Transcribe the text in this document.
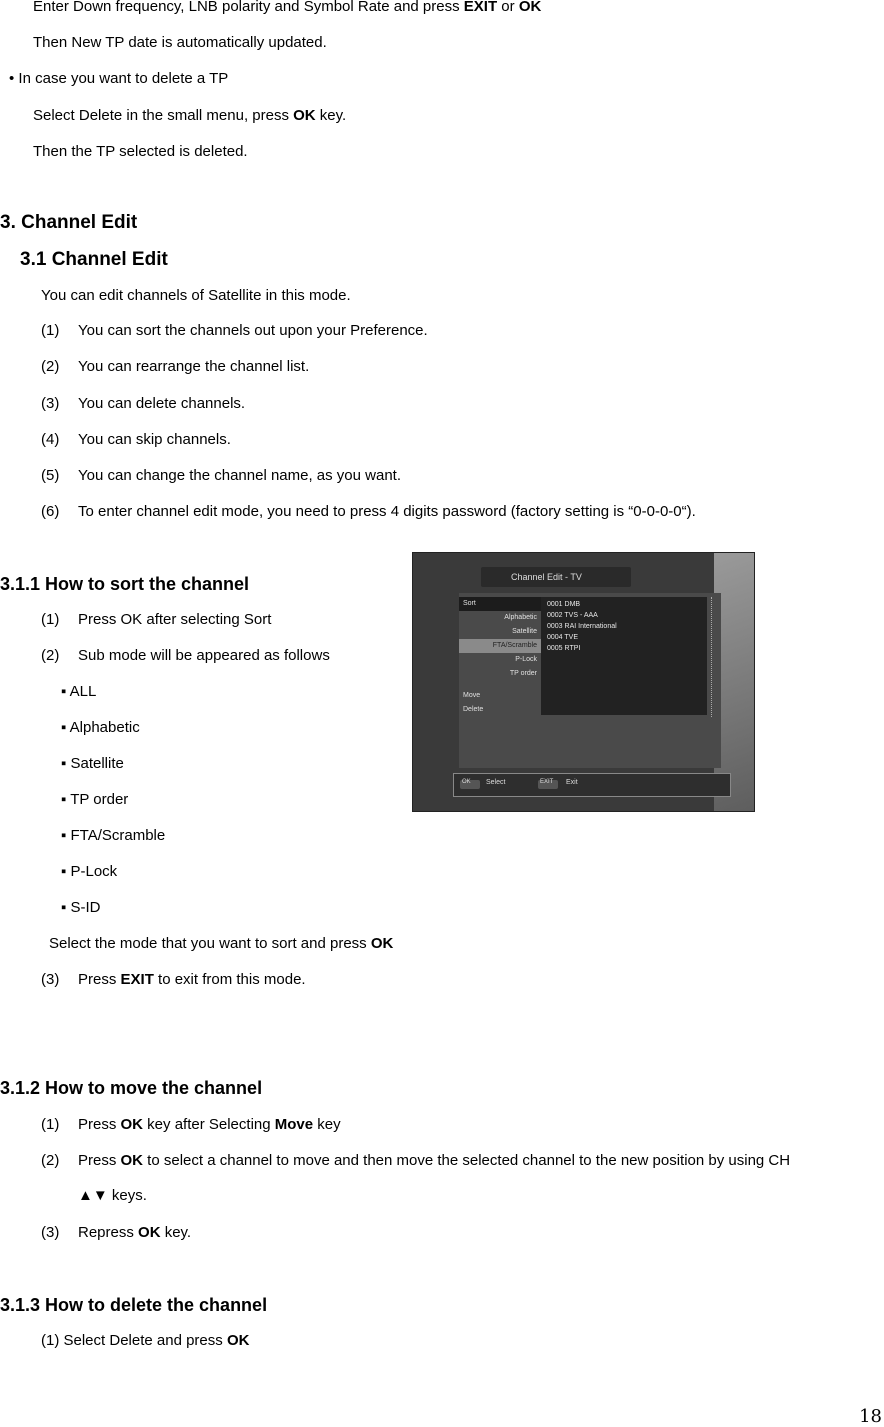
Enter Down frequency, LNB polarity and Symbol Rate and press EXIT or OK
Then New TP date is automatically updated.
• In case you want to delete a TP
Select Delete in the small menu, press OK key.
Then the TP selected is deleted.
3. Channel Edit
3.1 Channel Edit
You can edit channels of Satellite in this mode.
(1) You can sort the channels out upon your Preference.
(2) You can rearrange the channel list.
(3) You can delete channels.
(4) You can skip channels.
(5) You can change the channel name, as you want.
(6) To enter channel edit mode, you need to press 4 digits password (factory setting is “0-0-0-0“).
3.1.1 How to sort the channel
(1) Press OK after selecting Sort
(2) Sub mode will be appeared as follows
▪ ALL
▪ Alphabetic
▪ Satellite
▪ TP order
▪ FTA/Scramble
▪ P-Lock
▪ S-ID
Select the mode that you want to sort and press OK
(3) Press EXIT to exit from this mode.
Channel Edit - TV
Sort
Alphabetic
Satellite
FTA/Scramble
P-Lock
TP order
Move
Delete
0001 DMB
0002 TVS - AAA
0003 RAI International
0004 TVE
0005 RTPI
OK Select	EXIT Exit
3.1.2 How to move the channel
(1) Press OK key after Selecting Move key
(2) Press OK to select a channel to move and then move the selected channel to the new position by using CH
▲▼ keys.
(3) Repress OK key.
3.1.3 How to delete the channel
(1) Select Delete and press OK
18
